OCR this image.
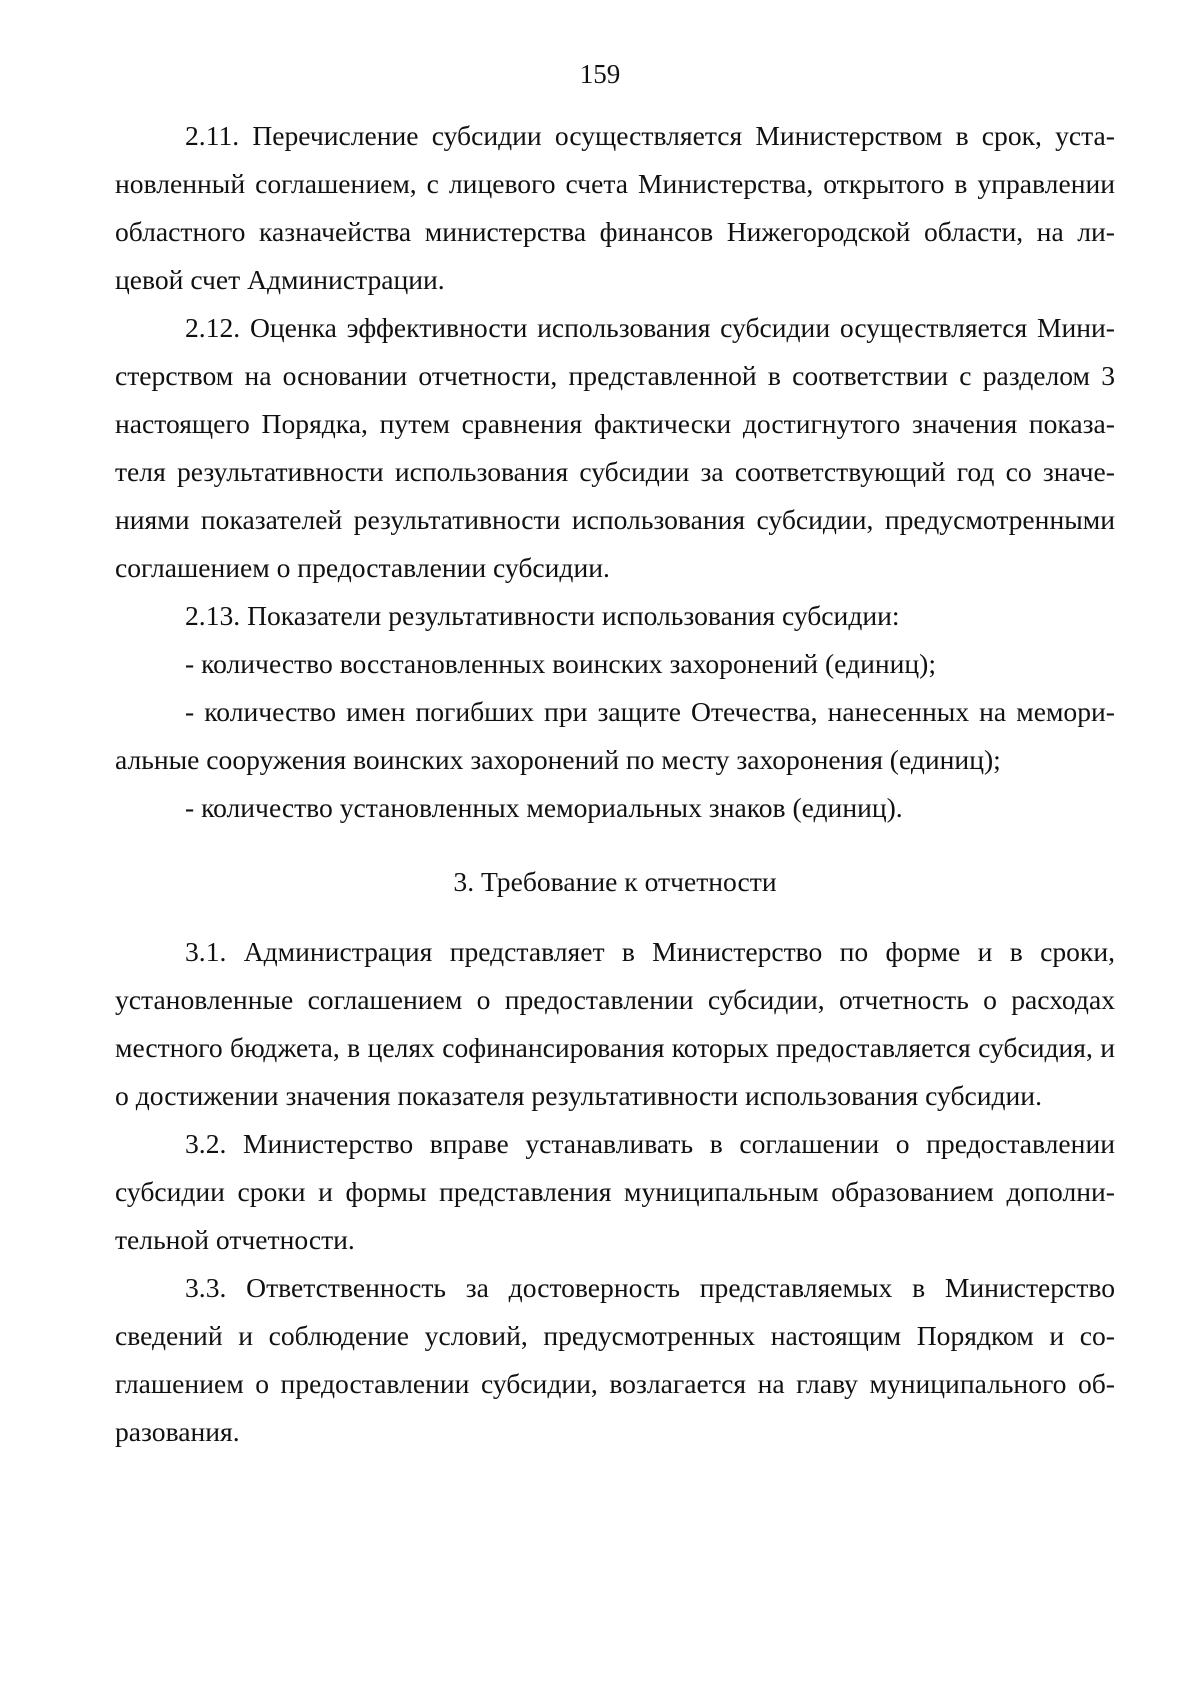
159

2.11. Перечисление субсидии осуществляется Министерством в срок, установленный соглашением, с лицевого счета Министерства, открытого в управлении областного казначейства министерства финансов Нижегородской области, на лицевой счет Администрации.

2.12. Оценка эффективности использования субсидии осуществляется Министерством на основании отчетности, представленной в соответствии с разделом 3 настоящего Порядка, путем сравнения фактически достигнутого значения показателя результативности использования субсидии за соответствующий год со значениями показателей результативности использования субсидии, предусмотренными соглашением о предоставлении субсидии.

2.13. Показатели результативности использования субсидии:

- количество восстановленных воинских захоронений (единиц);

- количество имен погибших при защите Отечества, нанесенных на мемориальные сооружения воинских захоронений по месту захоронения (единиц);

- количество установленных мемориальных знаков (единиц).

3. Требование к отчетности

3.1. Администрация представляет в Министерство по форме и в сроки, установленные соглашением о предоставлении субсидии, отчетность о расходах местного бюджета, в целях софинансирования которых предоставляется субсидия, и о достижении значения показателя результативности использования субсидии.

3.2. Министерство вправе устанавливать в соглашении о предоставлении субсидии сроки и формы представления муниципальным образованием дополнительной отчетности.

3.3. Ответственность за достоверность представляемых в Министерство сведений и соблюдение условий, предусмотренных настоящим Порядком и соглашением о предоставлении субсидии, возлагается на главу муниципального образования.
